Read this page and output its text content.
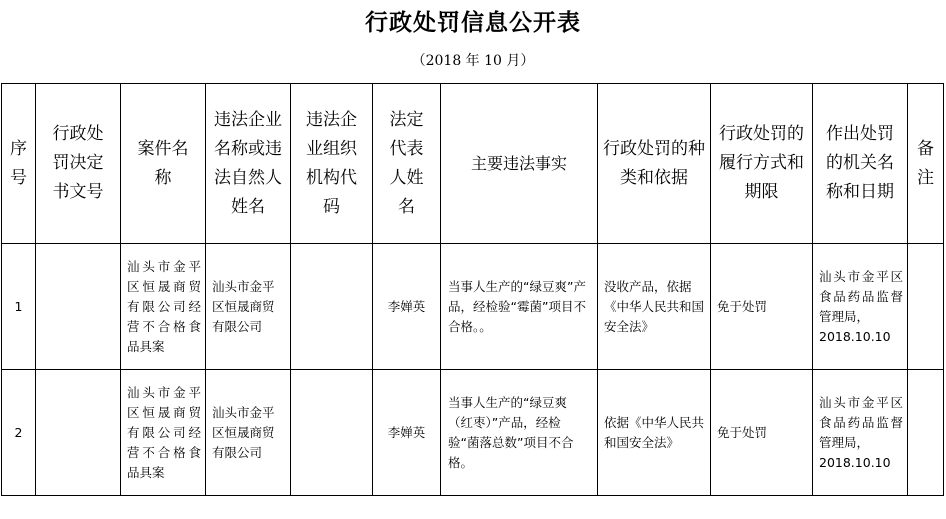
行政处罚信息公开表
（2018 年 10 月）
序号	行政处罚决定书文号	案件名称	违法企业名称或违法自然人姓名	违法企业组织机构代码	法定代表人姓名	主要违法事实	行政处罚的种类和依据	行政处罚的履行方式和期限	作出处罚的机关名称和日期	备注
1		汕头市金平区恒晟商贸有限公司经营不合格食品具案	汕头市金平区恒晟商贸有限公司		李婵英	当事人生产的“绿豆爽”产品，经检验“霉菌”项目不合格。。	没收产品，依据《中华人民共和国安全法》	免于处罚	汕头市金平区食品药品监督管理局，
2018.10.10	

2		汕头市金平区恒晟商贸有限公司经营不合格食品具案	汕头市金平区恒晟商贸有限公司		李婵英	当事人生产的“绿豆爽（红枣）”产品，经检验“菌落总数”项目不合格。	依据《中华人民共和国安全法》	免于处罚	汕头市金平区食品药品监督管理局，
2018.10.10	
